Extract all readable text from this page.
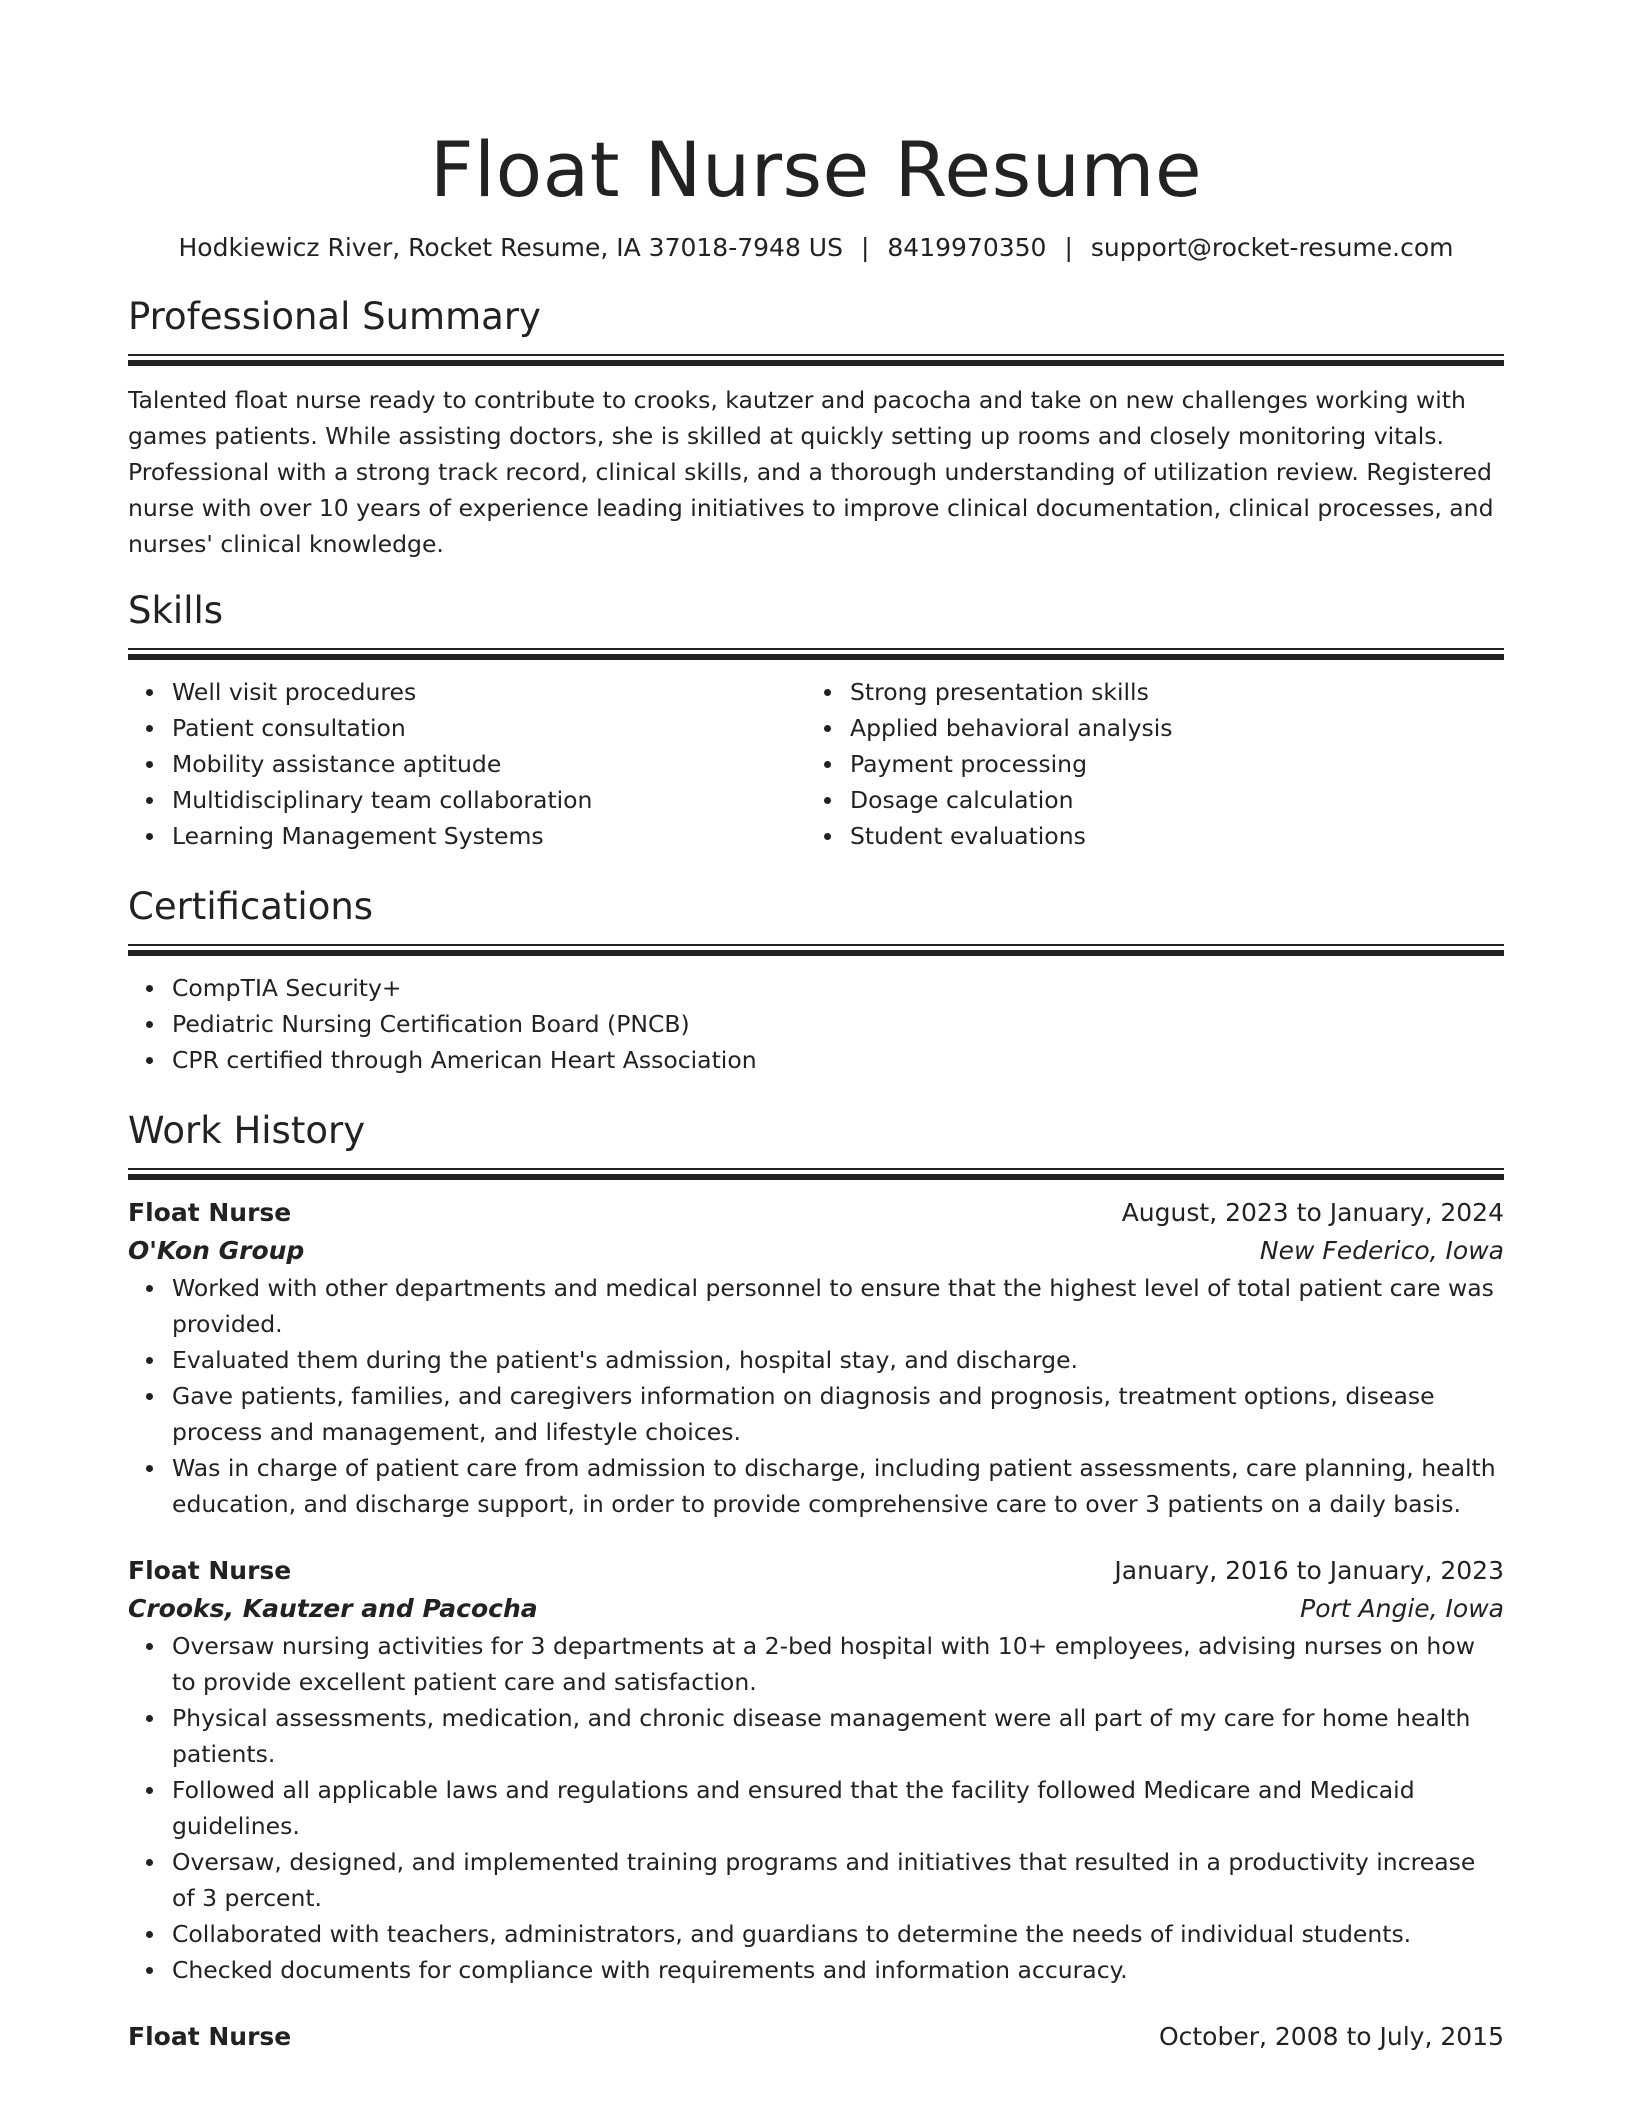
Float Nurse Resume
Hodkiewicz River, Rocket Resume, IA 37018-7948 US | 8419970350 | support@rocket-resume.com
Professional Summary

Talented float nurse ready to contribute to crooks, kautzer and pacocha and take on new challenges working with games patients. While assisting doctors, she is skilled at quickly setting up rooms and closely monitoring vitals. Professional with a strong track record, clinical skills, and a thorough understanding of utilization review. Registered nurse with over 10 years of experience leading initiatives to improve clinical documentation, clinical processes, and nurses' clinical knowledge.

Skills
Well visit procedures
Patient consultation
Mobility assistance aptitude
Multidisciplinary team collaboration
Learning Management Systems
Strong presentation skills
Applied behavioral analysis
Payment processing
Dosage calculation
Student evaluations
Certifications
CompTIA Security+
Pediatric Nursing Certification Board (PNCB)
CPR certified through American Heart Association
Work History
Float Nurse	August, 2023 to January, 2024
O'Kon Group	New Federico, Iowa
Worked with other departments and medical personnel to ensure that the highest level of total patient care was provided.
Evaluated them during the patient's admission, hospital stay, and discharge.
Gave patients, families, and caregivers information on diagnosis and prognosis, treatment options, disease process and management, and lifestyle choices.
Was in charge of patient care from admission to discharge, including patient assessments, care planning, health education, and discharge support, in order to provide comprehensive care to over 3 patients on a daily basis.
Float Nurse	January, 2016 to January, 2023
Crooks, Kautzer and Pacocha	Port Angie, Iowa
Oversaw nursing activities for 3 departments at a 2-bed hospital with 10+ employees, advising nurses on how to provide excellent patient care and satisfaction.
Physical assessments, medication, and chronic disease management were all part of my care for home health patients.
Followed all applicable laws and regulations and ensured that the facility followed Medicare and Medicaid guidelines.
Oversaw, designed, and implemented training programs and initiatives that resulted in a productivity increase of 3 percent.
Collaborated with teachers, administrators, and guardians to determine the needs of individual students.
Checked documents for compliance with requirements and information accuracy.
Float Nurse	October, 2008 to July, 2015
